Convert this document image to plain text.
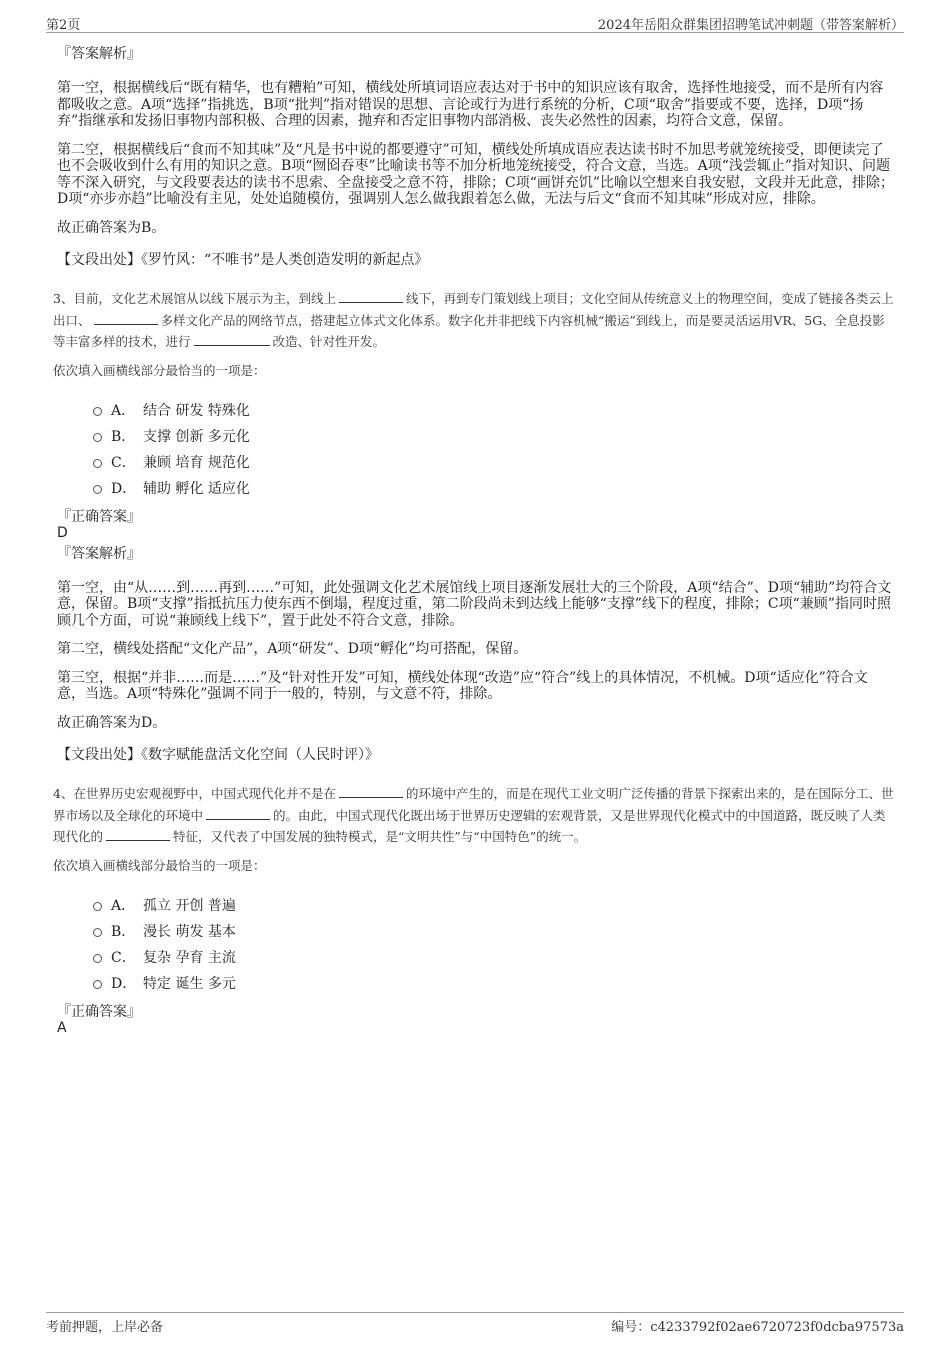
第2页	2024年岳阳众群集团招聘笔试冲刺题（带答案解析）

『答案解析』

第一空，根据横线后“既有精华，也有糟粕”可知，横线处所填词语应表达对于书中的知识应该有取舍，选择性地接受，而不是所有内容都吸收之意。A项“选择”指挑选，B项“批判”指对错误的思想、言论或行为进行系统的分析，C项“取舍”指要或不要，选择，D项“扬弃”指继承和发扬旧事物内部积极、合理的因素，抛弃和否定旧事物内部消极、丧失必然性的因素，均符合文意，保留。

第二空，根据横线后“食而不知其味”及“凡是书中说的都要遵守”可知，横线处所填成语应表达读书时不加思考就笼统接受，即便读完了也不会吸收到什么有用的知识之意。B项“囫囵吞枣”比喻读书等不加分析地笼统接受，符合文意，当选。A项“浅尝辄止”指对知识、问题等不深入研究，与文段要表达的读书不思索、全盘接受之意不符，排除；C项“画饼充饥”比喻以空想来自我安慰，文段并无此意，排除；D项“亦步亦趋”比喻没有主见，处处追随模仿，强调别人怎么做我跟着怎么做，无法与后文“食而不知其味”形成对应，排除。

故正确答案为B。

【文段出处】《罗竹风：“不唯书”是人类创造发明的新起点》

3、目前，文化艺术展馆从以线下展示为主，到线上	线下，再到专门策划线上项目；文化空间从传统意义上的物理空间，变成了链接各类云上出口、	多样文化产品的网络节点，搭建起立体式文化体系。数字化并非把线下内容机械“搬运”到线上，而是要灵活运用VR、5G、全息投影等丰富多样的技术，进行	改造、针对性开发。

依次填入画横线部分最恰当的一项是：

A． 结合 研发 特殊化
B． 支撑 创新 多元化
C． 兼顾 培育 规范化
D． 辅助 孵化 适应化

『正确答案』

D

『答案解析』

第一空，由“从……到……再到……”可知，此处强调文化艺术展馆线上项目逐渐发展壮大的三个阶段，A项“结合”、D项“辅助”均符合文意，保留。B项“支撑”指抵抗压力使东西不倒塌，程度过重，第二阶段尚未到达线上能够“支撑”线下的程度，排除；C项“兼顾”指同时照顾几个方面，可说“兼顾线上线下”，置于此处不符合文意，排除。

第二空，横线处搭配“文化产品”，A项“研发”、D项“孵化”均可搭配，保留。

第三空，根据“并非……而是……”及“针对性开发”可知，横线处体现“改造”应“符合”线上的具体情况，不机械。D项“适应化”符合文意，当选。A项“特殊化”强调不同于一般的，特别，与文意不符，排除。

故正确答案为D。

【文段出处】《数字赋能盘活文化空间（人民时评）》

4、在世界历史宏观视野中，中国式现代化并不是在	的环境中产生的，而是在现代工业文明广泛传播的背景下探索出来的，是在国际分工、世界市场以及全球化的环境中	的。由此，中国式现代化既出场于世界历史逻辑的宏观背景，又是世界现代化模式中的中国道路，既反映了人类现代化的	特征，又代表了中国发展的独特模式，是“文明共性”与“中国特色”的统一。

依次填入画横线部分最恰当的一项是：

A． 孤立 开创 普遍
B． 漫长 萌发 基本
C． 复杂 孕育 主流
D． 特定 诞生 多元

『正确答案』

A

考前押题，上岸必备	编号：c4233792f02ae6720723f0dcba97573a
